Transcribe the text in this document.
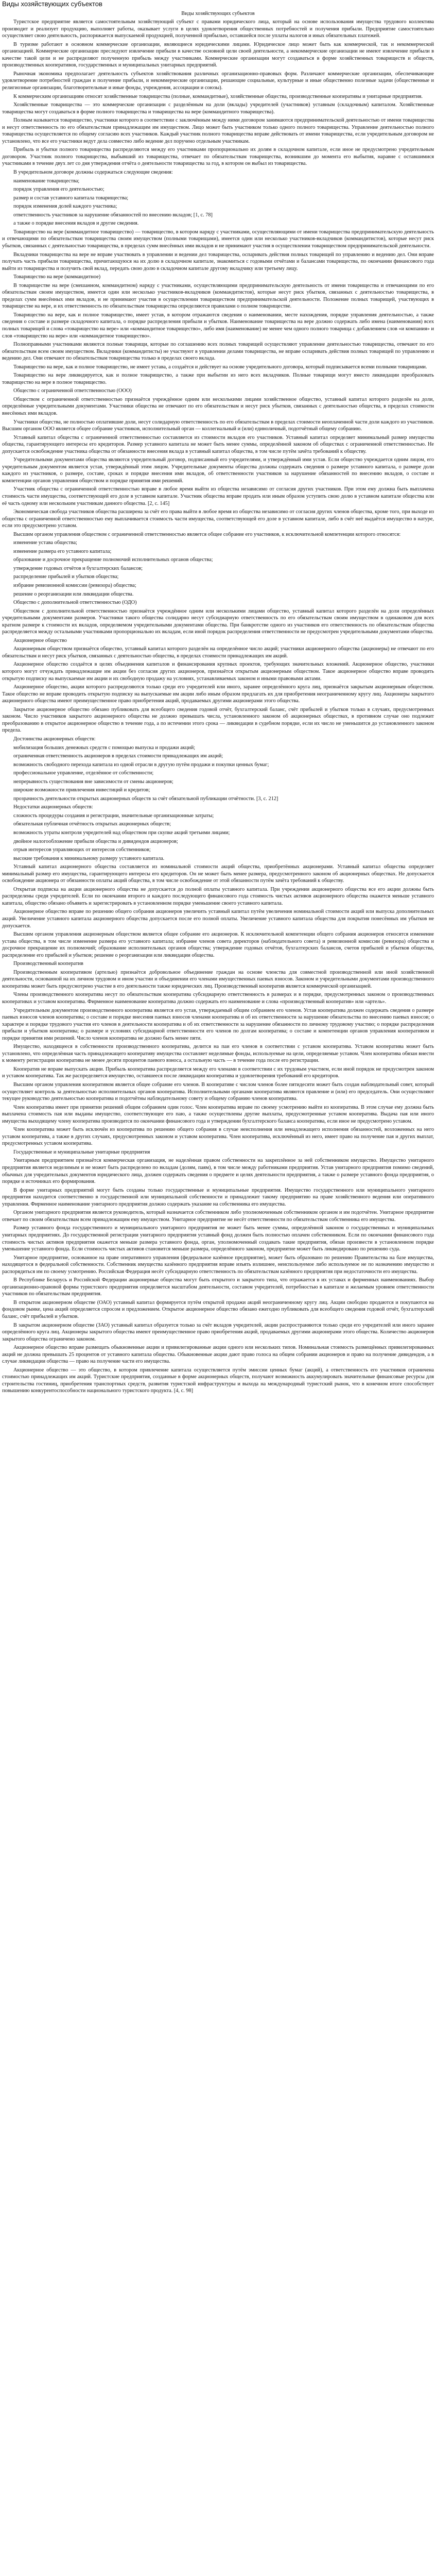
Виды хозяйствующих субъектов
Виды хозяйствующих субъектов

Туристское предприятие является самостоятельным хозяйствующий субъект с правами юридического лица, который на основе использования имущества трудового коллектива производит и реализует продукцию, выполняет работы, оказывает услуги в целях удовлетворения общественных потребностей и получения прибыли. Предприятие самостоятельно осуществляет свою деятельность, распоряжается выпускаемой продукцией, полученной прибылью, оставшейся после уплаты налогов и иных обязательных платежей.

В туризме работают в основном коммерческие организации, являющиеся юридическими лицами. Юридическое лицо может быть как коммерческой, так и некоммерческой организацией. Коммерческие организации преследуют извлечение прибыли в качестве основной цели своей деятельности, а некоммерческие организации не имеют извлечение прибыли в качестве такой цели и не распределяют полученную прибыль между участниками. Коммерческие организации могут создаваться в форме хозяйственных товариществ и обществ, производственных кооперативов, государственных и муниципальных унитарных предприятий.

Рыночная экономика предполагает деятельность субъектов хозяйствования различных организационно-правовых форм. Различают коммерческие организации, обеспечивающие удовлетворение потребностей граждан и получение прибыли, и некоммерческие организации, решающие социальные, культурные и иные общественно полезные задачи (общественные и религиозные организации, благотворительные и иные фонды, учреждения, ассоциации и союзы).

К коммерческим организациям относят хозяйственные товарищества (полные, коммандитные), хозяйственные общества, производственные кооперативы и унитарные предприятия.

Хозяйственные товарищества — это коммерческие организации с разделённым на доли (вклады) учредителей (участников) уставным (складочным) капиталом. Хозяйственные товарищества могут создаваться в форме полного товарищества и товарищества на вере (коммандитного товарищества).

Полным называется товарищество, участники которого в соответствии с заключённым между ними договором занимаются предпринимательской деятельностью от имени товарищества и несут ответственность по его обязательствам принадлежащим им имуществом. Лицо может быть участником только одного полного товарищества. Управление деятельностью полного товарищества осуществляется по общему согласию всех участников. Каждый участник полного товарищества вправе действовать от имени товарищества, если учредительным договором не установлено, что все его участники ведут дела совместно либо ведение дел поручено отдельным участникам.

Прибыль и убытки полного товарищества распределяются между его участниками пропорционально их долям в складочном капитале, если иное не предусмотрено учредительным договором. Участник полного товарищества, выбывший из товарищества, отвечает по обязательствам товарищества, возникшим до момента его выбытия, наравне с оставшимися участниками в течение двух лет со дня утверждения отчёта о деятельности товарищества за год, в котором он выбыл из товарищества.

В учредительном договоре должны содержаться следующие сведения:

наименование товарищества;

порядок управления его деятельностью;

размер и состав уставного капитала товарищества;

порядок изменения долей каждого участника;

ответственность участников за нарушение обязанностей по внесению вкладов; [1, с. 78]

а также о порядке внесения вкладов и другие сведения.

Товарищество на вере (коммандитное товарищество) — товарищество, в котором наряду с участниками, осуществляющими от имени товарищества предпринимательскую деятельность и отвечающими по обязательствам товарищества своим имуществом (полными товарищами), имеется один или несколько участников-вкладчиков (коммандитистов), которые несут риск убытков, связанных с деятельностью товарищества, в пределах сумм внесённых ими вкладов и не принимают участия в осуществлении товариществом предпринимательской деятельности.

Вкладчики товарищества на вере не вправе участвовать в управлении и ведении дел товарищества, оспаривать действия полных товарищей по управлению и ведению дел. Они вправе получать часть прибыли товарищества, причитающуюся на их долю в складочном капитале, знакомиться с годовыми отчётами и балансами товарищества, по окончании финансового года выйти из товарищества и получить свой вклад, передать свою долю в складочном капитале другому вкладчику или третьему лицу.

Товарищество на вере (коммандитное)

В товариществе на вере (смешанном, коммандитном) наряду с участниками, осуществляющими предпринимательскую деятельность от имени товарищества и отвечающими по его обязательствам своим имуществом, имеется один или несколько участников-вкладчиков (коммандитистов), которые несут риск убытков, связанных с деятельностью товарищества, в пределах сумм внесённых ими вкладов, и не принимают участия в осуществлении товариществом предпринимательской деятельности. Положение полных товарищей, участвующих в товариществе на вере, и их ответственность по обязательствам товарищества определяются правилами о полном товариществе.

Товарищество на вере, как и полное товарищество, имеет устав, в котором отражаются сведения о наименовании, месте нахождения, порядке управления деятельностью, а также сведения о составе и размере складочного капитала, о порядке распределения прибыли и убытков. Наименование товарищества на вере должно содержать либо имена (наименования) всех полных товарищей и слова «товарищество на вере» или «коммандитное товарищество», либо имя (наименование) не менее чем одного полного товарища с добавлением слов «и компания» и слов «товарищество на вере» или «коммандитное товарищество».

Полноправными участниками являются полные товарищи, которые по соглашению всех полных товарищей осуществляют управление деятельностью товарищества, отвечают по его обязательствам всем своим имуществом. Вкладчики (коммандитисты) не участвуют в управлении делами товарищества, не вправе оспаривать действия полных товарищей по управлению и ведению дел. Они отвечают по обязательствам товарищества только в пределах своего вклада.

Товарищество на вере, как и полное товарищество, не имеет устава, а создаётся и действует на основе учредительного договора, который подписывается всеми полными товарищами.

Товарищество на вере ликвидируется, как и полное товарищество, а также при выбытии из него всех вкладчиков. Полные товарищи могут вместо ликвидации преобразовать товарищество на вере в полное товарищество.

Общество с ограниченной ответственностью (ООО)

Обществом с ограниченной ответственностью признаётся учреждённое одним или несколькими лицами хозяйственное общество, уставный капитал которого разделён на доли, определённые учредительными документами. Участники общества не отвечают по его обязательствам и несут риск убытков, связанных с деятельностью общества, в пределах стоимости внесённых ими вкладов.

Участники общества, не полностью оплатившие доли, несут солидарную ответственность по его обязательствам в пределах стоимости неоплаченной части доли каждого из участников. Высшим органом ООО является общее собрание участников, исполнительный орган — коллегиальный и (или) единоличный, подотчётный общему собранию.

Уставный капитал общества с ограниченной ответственностью составляется из стоимости вкладов его участников. Уставный капитал определяет минимальный размер имущества общества, гарантирующего интересы его кредиторов. Размер уставного капитала не может быть менее суммы, определённой законом об обществах с ограниченной ответственностью. Не допускается освобождение участника общества от обязанности внесения вклада в уставный капитал общества, в том числе путём зачёта требований к обществу.

Учредительными документами общества являются учредительный договор, подписанный его учредителями, и утверждённый ими устав. Если общество учреждается одним лицом, его учредительным документом является устав, утверждённый этим лицом. Учредительные документы общества должны содержать сведения о размере уставного капитала, о размере доли каждого из участников, о размере, составе, сроках и порядке внесения ими вкладов, об ответственности участников за нарушение обязанностей по внесению вкладов, о составе и компетенции органов управления обществом и порядке принятия ими решений.

Участник общества с ограниченной ответственностью вправе в любое время выйти из общества независимо от согласия других участников. При этом ему должна быть выплачена стоимость части имущества, соответствующей его доле в уставном капитале. Участник общества вправе продать или иным образом уступить свою долю в уставном капитале общества или её часть одному или нескольким участникам данного общества. [2, с. 145]

Экономическая свобода участников общества расширена за счёт его права выйти в любое время из общества независимо от согласия других членов общества, кроме того, при выходе из общества с ограниченной ответственностью ему выплачивается стоимость части имущества, соответствующей его доле в уставном капитале, либо в счёт неё выдаётся имущество в натуре, если это предусмотрено уставом.

Высшим органом управления обществом с ограниченной ответственностью является общее собрание его участников, к исключительной компетенции которого относятся:

изменение устава общества;

изменение размера его уставного капитала;

образование и досрочное прекращение полномочий исполнительных органов общества;

утверждение годовых отчётов и бухгалтерских балансов;

распределение прибылей и убытков общества;

избрание ревизионной комиссии (ревизора) общества;

решение о реорганизации или ликвидации общества.

Общество с дополнительной ответственностью (ОДО)

Обществом с дополнительной ответственностью признаётся учреждённое одним или несколькими лицами общество, уставный капитал которого разделён на доли определённых учредительными документами размеров. Участники такого общества солидарно несут субсидиарную ответственность по его обязательствам своим имуществом в одинаковом для всех кратном размере к стоимости их вкладов, определяемом учредительными документами общества. При банкротстве одного из участников его ответственность по обязательствам общества распределяется между остальными участниками пропорционально их вкладам, если иной порядок распределения ответственности не предусмотрен учредительными документами общества.

Акционерное общество

Акционерным обществом признаётся общество, уставный капитал которого разделён на определённое число акций; участники акционерного общества (акционеры) не отвечают по его обязательствам и несут риск убытков, связанных с деятельностью общества, в пределах стоимости принадлежащих им акций.

Акционерное общество создаётся в целях объединения капиталов и финансирования крупных проектов, требующих значительных вложений. Акционерное общество, участники которого могут отчуждать принадлежащие им акции без согласия других акционеров, признаётся открытым акционерным обществом. Такое акционерное общество вправе проводить открытую подписку на выпускаемые им акции и их свободную продажу на условиях, устанавливаемых законом и иными правовыми актами.

Акционерное общество, акции которого распределяются только среди его учредителей или иного, заранее определённого круга лиц, признаётся закрытым акционерным обществом. Такое общество не вправе проводить открытую подписку на выпускаемые им акции либо иным образом предлагать их для приобретения неограниченному кругу лиц. Акционеры закрытого акционерного общества имеют преимущественное право приобретения акций, продаваемых другими акционерами этого общества.

Закрытое акционерное общество обязано публиковать для всеобщего сведения годовой отчёт, бухгалтерский баланс, счёт прибылей и убытков только в случаях, предусмотренных законом. Число участников закрытого акционерного общества не должно превышать числа, установленного законом об акционерных обществах, в противном случае оно подлежит преобразованию в открытое акционерное общество в течение года, а по истечении этого срока — ликвидации в судебном порядке, если их число не уменьшится до установленного законом предела.

Достоинства акционерных обществ:

мобилизация больших денежных средств с помощью выпуска и продажи акций;

ограниченная ответственность акционеров в пределах стоимости принадлежащих им акций;

возможность свободного перехода капитала из одной отрасли в другую путём продажи и покупки ценных бумаг;

профессиональное управление, отделённое от собственности;

непрерывность существования вне зависимости от смены акционеров;

широкие возможности привлечения инвестиций и кредитов;

прозрачность деятельности открытых акционерных обществ за счёт обязательной публикации отчётности. [3, с. 212]

Недостатки акционерных обществ:

сложность процедуры создания и регистрации, значительные организационные затраты;

обязательная публичная отчётность открытых акционерных обществ;

возможность утраты контроля учредителей над обществом при скупке акций третьими лицами;

двойное налогообложение прибыли общества и дивидендов акционеров;

отрыв интересов управляющих от интересов собственников;

высокие требования к минимальному размеру уставного капитала.

Уставный капитал акционерного общества составляется из номинальной стоимости акций общества, приобретённых акционерами. Уставный капитал общества определяет минимальный размер его имущества, гарантирующего интересы его кредиторов. Он не может быть менее размера, предусмотренного законом об акционерных обществах. Не допускается освобождение акционера от обязанности оплаты акций общества, в том числе освобождение от этой обязанности путём зачёта требований к обществу.

Открытая подписка на акции акционерного общества не допускается до полной оплаты уставного капитала. При учреждении акционерного общества все его акции должны быть распределены среди учредителей. Если по окончании второго и каждого последующего финансового года стоимость чистых активов акционерного общества окажется меньше уставного капитала, общество обязано объявить и зарегистрировать в установленном порядке уменьшение своего уставного капитала.

Акционерное общество вправе по решению общего собрания акционеров увеличить уставный капитал путём увеличения номинальной стоимости акций или выпуска дополнительных акций. Увеличение уставного капитала акционерного общества допускается после его полной оплаты. Увеличение уставного капитала общества для покрытия понесённых им убытков не допускается.

Высшим органом управления акционерным обществом является общее собрание его акционеров. К исключительной компетенции общего собрания акционеров относятся изменение устава общества, в том числе изменение размера его уставного капитала; избрание членов совета директоров (наблюдательного совета) и ревизионной комиссии (ревизора) общества и досрочное прекращение их полномочий; образование исполнительных органов общества; утверждение годовых отчётов, бухгалтерских балансов, счетов прибылей и убытков общества, распределение его прибылей и убытков; решение о реорганизации или ликвидации общества.

Производственный кооператив

Производственным кооперативом (артелью) признаётся добровольное объединение граждан на основе членства для совместной производственной или иной хозяйственной деятельности, основанной на их личном трудовом и ином участии и объединении его членами имущественных паевых взносов. Законом и учредительными документами производственного кооператива может быть предусмотрено участие в его деятельности также юридических лиц. Производственный кооператив является коммерческой организацией.

Члены производственного кооператива несут по обязательствам кооператива субсидиарную ответственность в размерах и в порядке, предусмотренных законом о производственных кооперативах и уставом кооператива. Фирменное наименование кооператива должно содержать его наименование и слова «производственный кооператив» или «артель».

Учредительным документом производственного кооператива является его устав, утверждаемый общим собранием его членов. Устав кооператива должен содержать сведения о размере паевых взносов членов кооператива; о составе и порядке внесения паевых взносов членами кооператива и об их ответственности за нарушение обязательства по внесению паевых взносов; о характере и порядке трудового участия его членов в деятельности кооператива и об их ответственности за нарушение обязанности по личному трудовому участию; о порядке распределения прибыли и убытков кооператива; о размере и условиях субсидиарной ответственности его членов по долгам кооператива; о составе и компетенции органов управления кооперативом и порядке принятия ими решений. Число членов кооператива не должно быть менее пяти.

Имущество, находящееся в собственности производственного кооператива, делится на паи его членов в соответствии с уставом кооператива. Уставом кооператива может быть установлено, что определённая часть принадлежащего кооперативу имущества составляет неделимые фонды, используемые на цели, определяемые уставом. Член кооператива обязан внести к моменту регистрации кооператива не менее десяти процентов паевого взноса, а остальную часть — в течение года после его регистрации.

Кооператив не вправе выпускать акции. Прибыль кооператива распределяется между его членами в соответствии с их трудовым участием, если иной порядок не предусмотрен законом и уставом кооператива. Так же распределяется имущество, оставшееся после ликвидации кооператива и удовлетворения требований его кредиторов.

Высшим органом управления кооперативом является общее собрание его членов. В кооперативе с числом членов более пятидесяти может быть создан наблюдательный совет, который осуществляет контроль за деятельностью исполнительных органов кооператива. Исполнительными органами кооператива являются правление и (или) его председатель. Они осуществляют текущее руководство деятельностью кооператива и подотчётны наблюдательному совету и общему собранию членов кооператива.

Член кооператива имеет при принятии решений общим собранием один голос. Член кооператива вправе по своему усмотрению выйти из кооператива. В этом случае ему должна быть выплачена стоимость пая или выданы имущество, соответствующее его паю, а также осуществлены другие выплаты, предусмотренные уставом кооператива. Выдача пая или иного имущества выходящему члену кооператива производится по окончании финансового года и утверждении бухгалтерского баланса кооператива, если иное не предусмотрено уставом.

Член кооператива может быть исключён из кооператива по решению общего собрания в случае неисполнения или ненадлежащего исполнения обязанностей, возложенных на него уставом кооператива, а также в других случаях, предусмотренных законом и уставом кооператива. Член кооператива, исключённый из него, имеет право на получение пая и других выплат, предусмотренных уставом кооператива.

Государственные и муниципальные унитарные предприятия

Унитарным предприятием признаётся коммерческая организация, не наделённая правом собственности на закреплённое за ней собственником имущество. Имущество унитарного предприятия является неделимым и не может быть распределено по вкладам (долям, паям), в том числе между работниками предприятия. Устав унитарного предприятия помимо сведений, обычных для учредительных документов юридического лица, должен содержать сведения о предмете и целях деятельности предприятия, а также о размере уставного фонда предприятия, о порядке и источниках его формирования.

В форме унитарных предприятий могут быть созданы только государственные и муниципальные предприятия. Имущество государственного или муниципального унитарного предприятия находится соответственно в государственной или муниципальной собственности и принадлежит такому предприятию на праве хозяйственного ведения или оперативного управления. Фирменное наименование унитарного предприятия должно содержать указание на собственника его имущества.

Органом унитарного предприятия является руководитель, который назначается собственником либо уполномоченным собственником органом и им подотчётен. Унитарное предприятие отвечает по своим обязательствам всем принадлежащим ему имуществом. Унитарное предприятие не несёт ответственности по обязательствам собственника его имущества.

Размер уставного фонда государственного и муниципального унитарного предприятия не может быть менее суммы, определённой законом о государственных и муниципальных унитарных предприятиях. До государственной регистрации унитарного предприятия уставный фонд должен быть полностью оплачен собственником. Если по окончании финансового года стоимость чистых активов предприятия окажется меньше размера уставного фонда, орган, уполномоченный создавать такие предприятия, обязан произвести в установленном порядке уменьшение уставного фонда. Если стоимость чистых активов становится меньше размера, определённого законом, предприятие может быть ликвидировано по решению суда.

Унитарное предприятие, основанное на праве оперативного управления (федеральное казённое предприятие), может быть образовано по решению Правительства на базе имущества, находящегося в федеральной собственности. Собственник имущества казённого предприятия вправе изъять излишнее, неиспользуемое либо используемое не по назначению имущество и распорядиться им по своему усмотрению. Российская Федерация несёт субсидиарную ответственность по обязательствам казённого предприятия при недостаточности его имущества.

В Республике Беларусь и Российской Федерации акционерные общества могут быть открытого и закрытого типа, что отражается в их уставах и фирменных наименованиях. Выбор организационно-правовой формы туристского предприятия определяется масштабом деятельности, составом учредителей, потребностью в капитале и желаемым уровнем ответственности участников по обязательствам предприятия.

В открытом акционерном обществе (ОАО) уставный капитал формируется путём открытой продажи акций неограниченному кругу лиц. Акции свободно продаются и покупаются на фондовом рынке, цена акций определяется спросом и предложением. Открытое акционерное общество обязано ежегодно публиковать для всеобщего сведения годовой отчёт, бухгалтерский баланс, счёт прибылей и убытков.

В закрытом акционерном обществе (ЗАО) уставный капитал образуется только за счёт вкладов учредителей, акции распространяются только среди его учредителей или иного заранее определённого круга лиц. Акционеры закрытого общества имеют преимущественное право приобретения акций, продаваемых другими акционерами этого общества. Количество акционеров закрытого общества ограничено законом.

Акционерное общество вправе размещать обыкновенные акции и привилегированные акции одного или нескольких типов. Номинальная стоимость размещённых привилегированных акций не должна превышать 25 процентов от уставного капитала общества. Обыкновенные акции дают право голоса на общем собрании акционеров и право на получение дивидендов, а в случае ликвидации общества — право на получение части его имущества.

Акционерное общество — это общество, в котором привлечение капитала осуществляется путём эмиссии ценных бумаг (акций), а ответственность его участников ограничена стоимостью принадлежащих им акций. Туристские предприятия, созданные в форме акционерных обществ, получают возможность аккумулировать значительные финансовые ресурсы для строительства гостиниц, приобретения транспортных средств, развития туристской инфраструктуры и выхода на международный туристский рынок, что в конечном итоге способствует повышению конкурентоспособности национального туристского продукта. [4, с. 98]
